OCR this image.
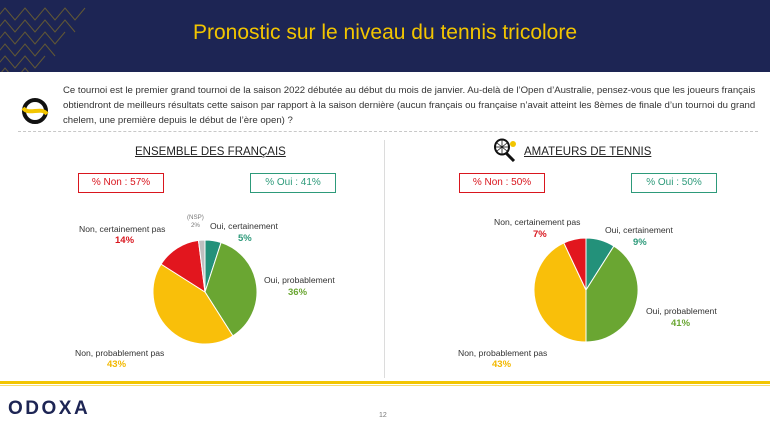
Pronostic sur le niveau du tennis tricolore
Ce tournoi est le premier grand tournoi de la saison 2022 débutée au début du mois de janvier. Au-delà de l’Open d’Australie, pensez-vous que les joueurs français obtiendront de meilleurs résultats cette saison par rapport à la saison dernière (aucun français ou française n’avait atteint les 8èmes de finale d’un tournoi du grand chelem, une première depuis le début de l’ère open) ?
ENSEMBLE DES FRANÇAIS	AMATEURS DE TENNIS
% Non : 57%	% Oui : 41%	% Non : 50%	% Oui : 50%
Non, certainement pas
14%
(NSP)
2%	Oui, certainement
5%
Oui, probablement
36%
Non, probablement pas
43%
Non, certainement pas
7%	Oui, certainement
9%
Oui, probablement
41%
Non, probablement pas
43%
ODOXA	12
